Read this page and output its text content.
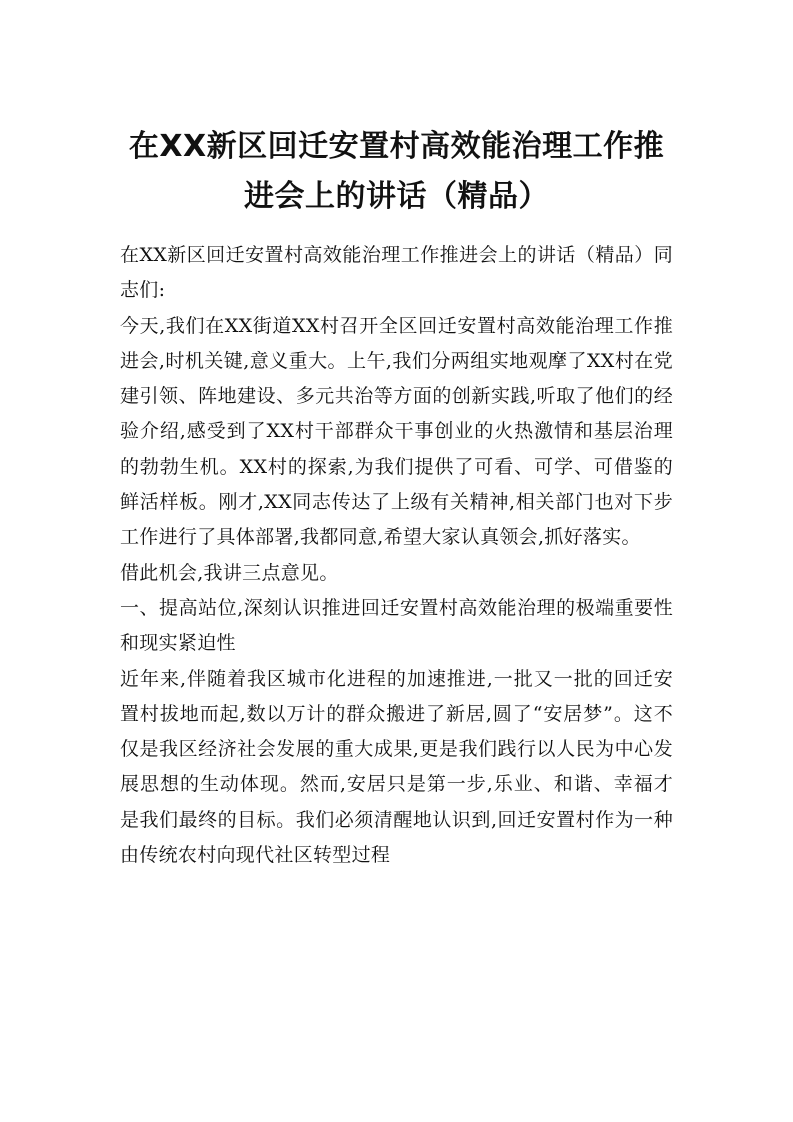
在XX新区回迁安置村高效能治理工作推进会上的讲话（精品）

在XX新区回迁安置村高效能治理工作推进会上的讲话（精品）同志们:

今天,我们在XX街道XX村召开全区回迁安置村高效能治理工作推进会,时机关键,意义重大。上午,我们分两组实地观摩了XX村在党建引领、阵地建设、多元共治等方面的创新实践,听取了他们的经验介绍,感受到了XX村干部群众干事创业的火热激情和基层治理的勃勃生机。XX村的探索,为我们提供了可看、可学、可借鉴的鲜活样板。刚才,XX同志传达了上级有关精神,相关部门也对下步工作进行了具体部署,我都同意,希望大家认真领会,抓好落实。

借此机会,我讲三点意见。

一、提高站位,深刻认识推进回迁安置村高效能治理的极端重要性和现实紧迫性

近年来,伴随着我区城市化进程的加速推进,一批又一批的回迁安置村拔地而起,数以万计的群众搬进了新居,圆了“安居梦”。这不仅是我区经济社会发展的重大成果,更是我们践行以人民为中心发展思想的生动体现。然而,安居只是第一步,乐业、和谐、幸福才是我们最终的目标。我们必须清醒地认识到,回迁安置村作为一种由传统农村向现代社区转型过程
